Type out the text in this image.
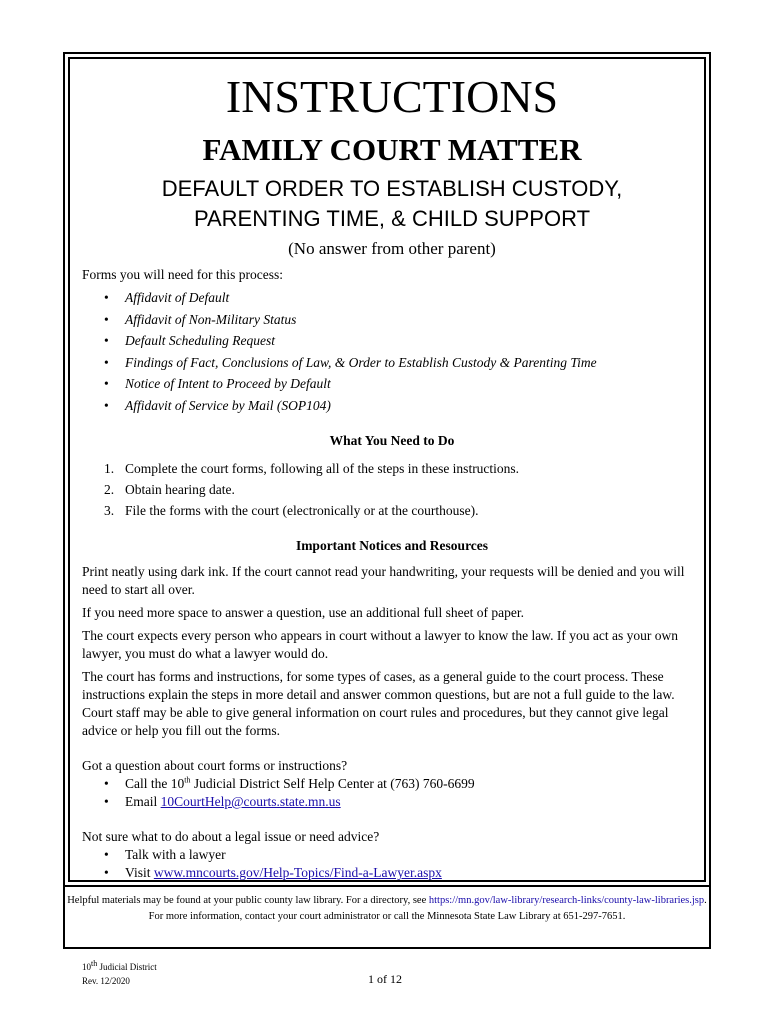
INSTRUCTIONS
FAMILY COURT MATTER
DEFAULT ORDER TO ESTABLISH CUSTODY,
PARENTING TIME, & CHILD SUPPORT
(No answer from other parent)

Forms you will need for this process:

• Affidavit of Default
• Affidavit of Non-Military Status
• Default Scheduling Request
• Findings of Fact, Conclusions of Law, & Order to Establish Custody & Parenting Time
• Notice of Intent to Proceed by Default
• Affidavit of Service by Mail (SOP104)
What You Need to Do
1. Complete the court forms, following all of the steps in these instructions.
2. Obtain hearing date.
3. File the forms with the court (electronically or at the courthouse).
Important Notices and Resources

Print neatly using dark ink. If the court cannot read your handwriting, your requests will be denied and you will need to start all over.

If you need more space to answer a question, use an additional full sheet of paper.

The court expects every person who appears in court without a lawyer to know the law. If you act as your own lawyer, you must do what a lawyer would do.

The court has forms and instructions, for some types of cases, as a general guide to the court process. These instructions explain the steps in more detail and answer common questions, but are not a full guide to the law. Court staff may be able to give general information on court rules and procedures, but they cannot give legal advice or help you fill out the forms.

Got a question about court forms or instructions?

• Call the 10th Judicial District Self Help Center at (763) 760-6699
• Email 10CourtHelp@courts.state.mn.us

Not sure what to do about a legal issue or need advice?

• Talk with a lawyer
• Visit www.mncourts.gov/Help-Topics/Find-a-Lawyer.aspx
Helpful materials may be found at your public county law library. For a directory, see https://mn.gov/law-library/research-links/county-law-libraries.jsp. For more information, contact your court administrator or call the Minnesota State Law Library at 651-297-7651.
10th Judicial District
Rev. 12/2020	1 of 12
